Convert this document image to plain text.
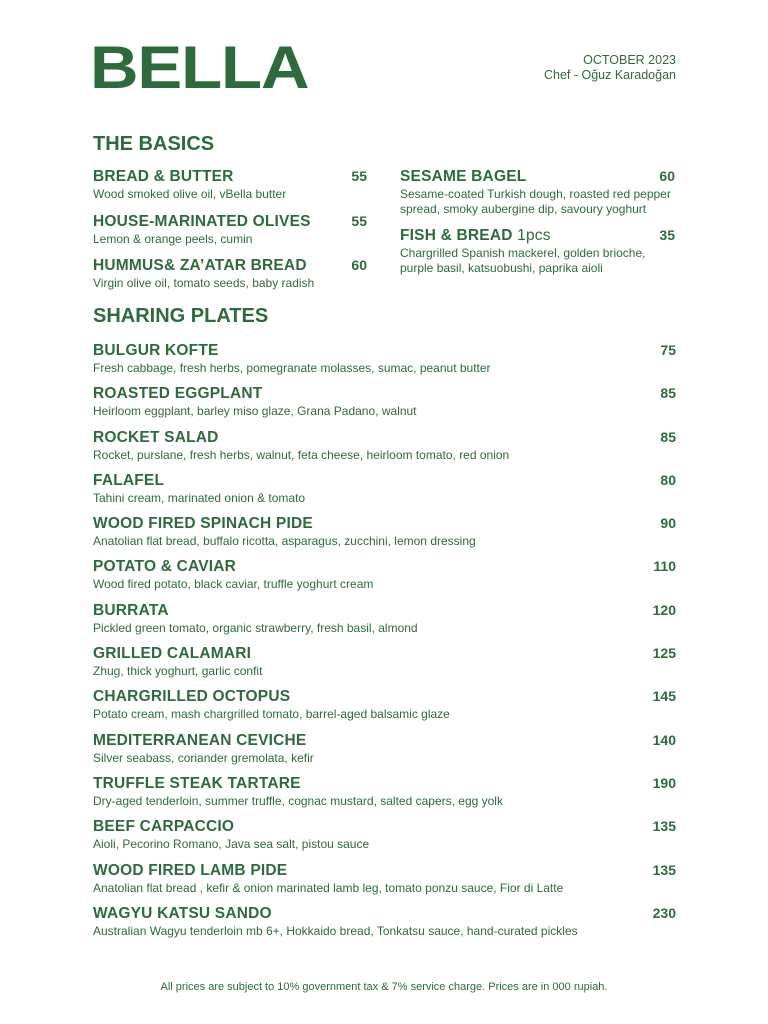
BELLA	OCTOBER 2023
Chef - Oğuz Karadoğan
THE BASICS
BREAD & BUTTER	55
Wood smoked olive oil, vBella butter
HOUSE-MARINATED OLIVES	55
Lemon & orange peels, cumin
HUMMUS& ZA’ATAR BREAD	60
Virgin olive oil, tomato seeds, baby radish
SESAME BAGEL	60
Sesame-coated Turkish dough, roasted red pepper spread, smoky aubergine dip, savoury yoghurt
FISH & BREAD 1pcs	35
Chargrilled Spanish mackerel, golden brioche, purple basil, katsuobushi, paprika aioli
SHARING PLATES
BULGUR KOFTE	75
Fresh cabbage, fresh herbs, pomegranate molasses, sumac, peanut butter
ROASTED EGGPLANT	85
Heirloom eggplant, barley miso glaze, Grana Padano, walnut
ROCKET SALAD	85
Rocket, purslane, fresh herbs, walnut, feta cheese, heirloom tomato, red onion
FALAFEL	80
Tahini cream, marinated onion & tomato
WOOD FIRED SPINACH PIDE	90
Anatolian flat bread, buffalo ricotta, asparagus, zucchini, lemon dressing
POTATO & CAVIAR	110
Wood fired potato, black caviar, truffle yoghurt cream
BURRATA	120
Pickled green tomato, organic strawberry, fresh basil, almond
GRILLED CALAMARI	125
Zhug, thick yoghurt, garlic confit
CHARGRILLED OCTOPUS	145
Potato cream, mash chargrilled tomato, barrel-aged balsamic glaze
MEDITERRANEAN CEVICHE	140
Silver seabass, coriander gremolata, kefir
TRUFFLE STEAK TARTARE	190
Dry-aged tenderloin, summer truffle, cognac mustard, salted capers, egg yolk
BEEF CARPACCIO	135
Aioli, Pecorino Romano, Java sea salt, pistou sauce
WOOD FIRED LAMB PIDE	135
Anatolian flat bread , kefir & onion marinated lamb leg, tomato ponzu sauce, Fior di Latte
WAGYU KATSU SANDO	230
Australian Wagyu tenderloin mb 6+, Hokkaido bread, Tonkatsu sauce, hand-curated pickles
All prices are subject to 10% government tax & 7% service charge. Prices are in 000 rupiah.
